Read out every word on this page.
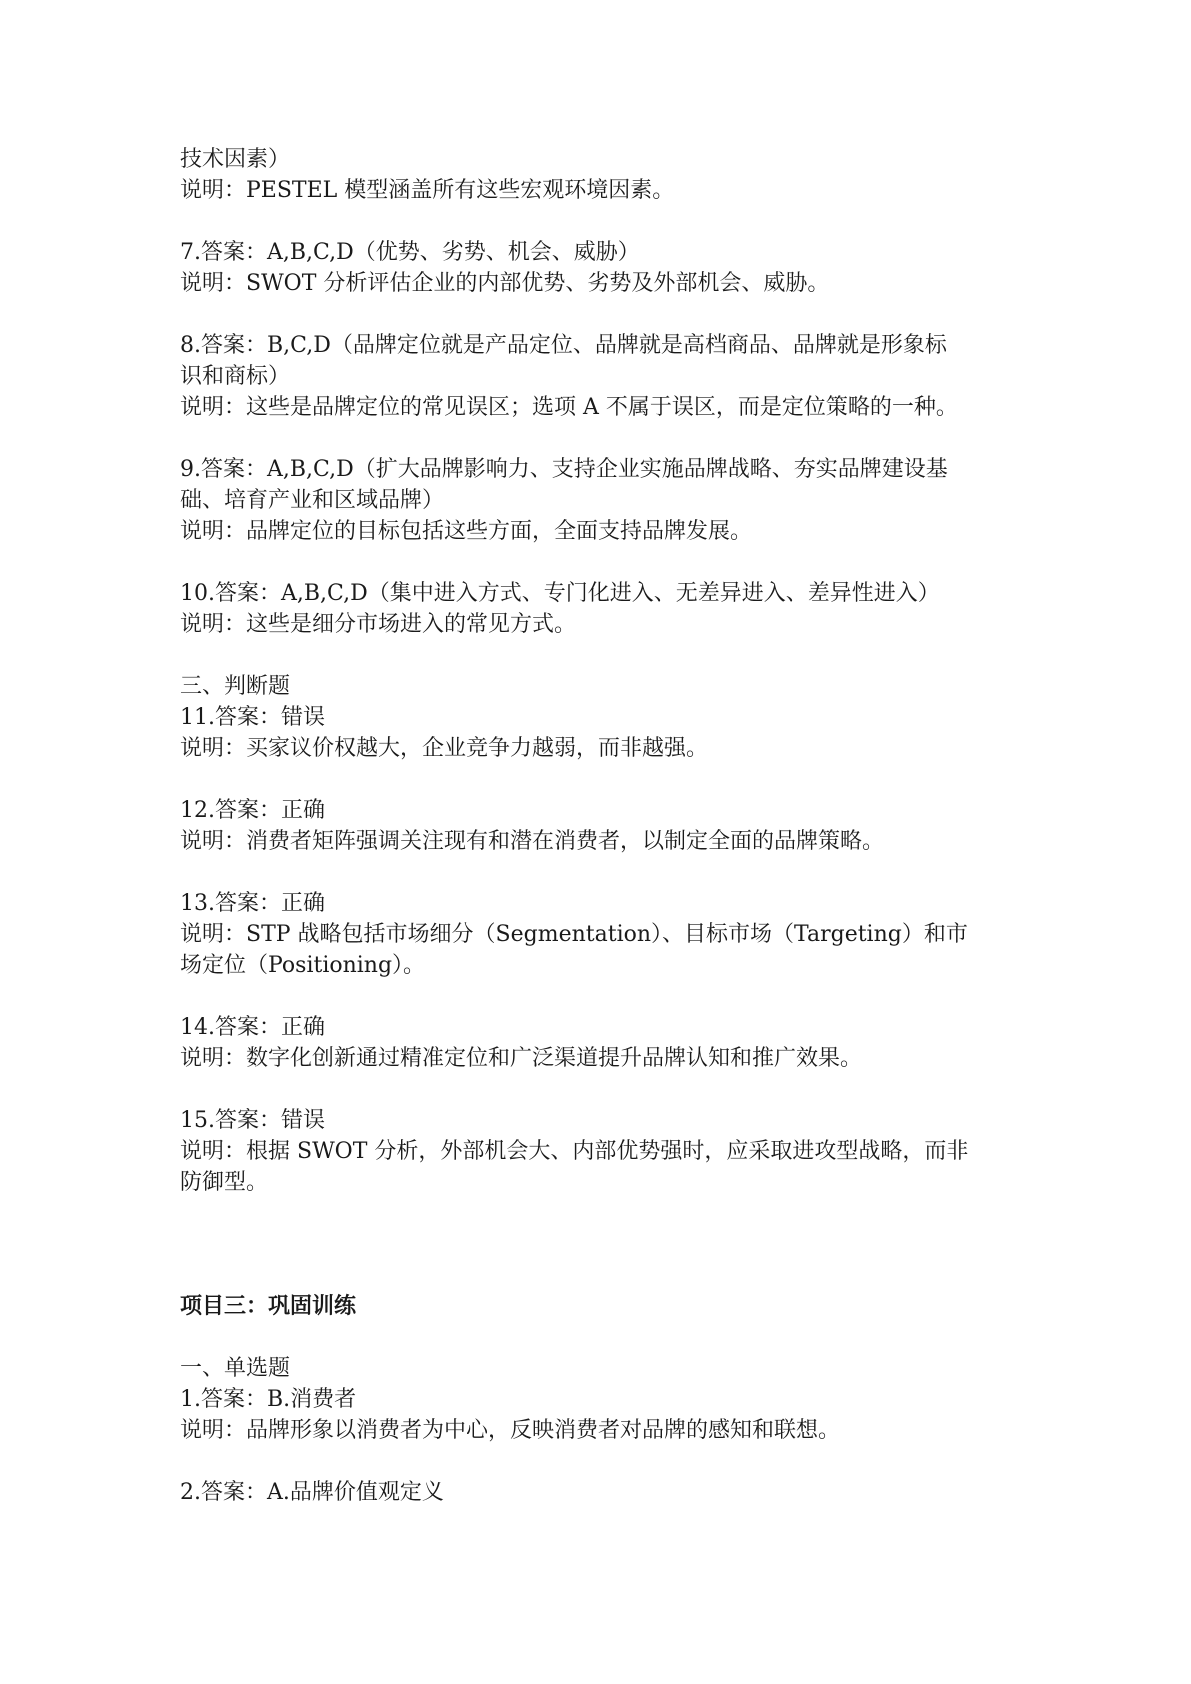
技术因素）
说明：PESTEL 模型涵盖所有这些宏观环境因素。
7.答案：A,B,C,D（优势、劣势、机会、威胁）
说明：SWOT 分析评估企业的内部优势、劣势及外部机会、威胁。
8.答案：B,C,D（品牌定位就是产品定位、品牌就是高档商品、品牌就是形象标
识和商标）
说明：这些是品牌定位的常见误区；选项 A 不属于误区，而是定位策略的一种。
9.答案：A,B,C,D（扩大品牌影响力、支持企业实施品牌战略、夯实品牌建设基
础、培育产业和区域品牌）
说明：品牌定位的目标包括这些方面，全面支持品牌发展。
10.答案：A,B,C,D（集中进入方式、专门化进入、无差异进入、差异性进入）
说明：这些是细分市场进入的常见方式。
三、判断题
11.答案：错误
说明：买家议价权越大，企业竞争力越弱，而非越强。
12.答案：正确
说明：消费者矩阵强调关注现有和潜在消费者，以制定全面的品牌策略。
13.答案：正确
说明：STP 战略包括市场细分（Segmentation）、目标市场（Targeting）和市
场定位（Positioning）。
14.答案：正确
说明：数字化创新通过精准定位和广泛渠道提升品牌认知和推广效果。
15.答案：错误
说明：根据 SWOT 分析，外部机会大、内部优势强时，应采取进攻型战略，而非
防御型。
项目三：巩固训练
一、单选题
1.答案：B.消费者
说明：品牌形象以消费者为中心，反映消费者对品牌的感知和联想。
2.答案：A.品牌价值观定义
